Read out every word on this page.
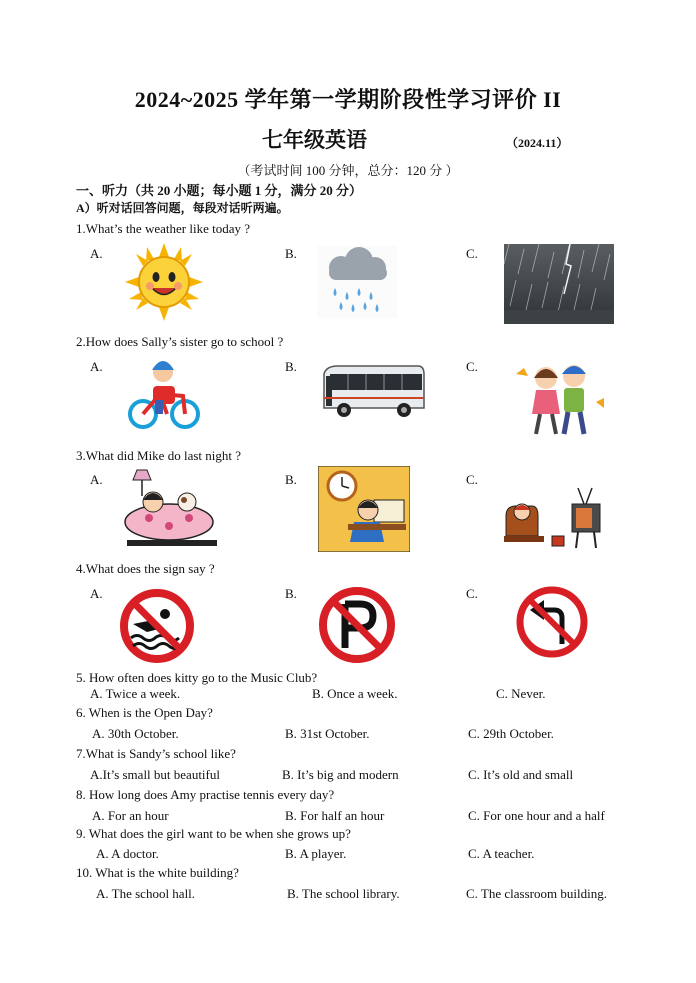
2024~2025 学年第一学期阶段性学习评价 II
七年级英语	（2024.11）
（考试时间 100 分钟，总分：120 分 ）
一、听力（共 20 小题；每小题 1 分，满分 20 分）
A）听对话回答问题，每段对话听两遍。
1.What’s the weather like today ?
A.	B.	C.
2.How does Sally’s sister go to school ?
A.	B.	C.
3.What did Mike do last night ?
A.	B.	C.
4.What does the sign say ?
A.	B.	C.
5. How often does kitty go to the Music Club?
A. Twice a week.	B. Once a week.	C. Never.
6. When is the Open Day?
A. 30th October.	B. 31st October.	C. 29th October.
7.What is Sandy’s school like?
A.It’s small but beautiful	B. It’s big and modern	C. It’s old and small
8. How long does Amy practise tennis every day?
A. For an hour	B. For half an hour	C. For one hour and a half
9. What does the girl want to be when she grows up?
A. A doctor.	B. A player.	C. A teacher.
10. What is the white building?
A. The school hall.	B. The school library.	C. The classroom building.
